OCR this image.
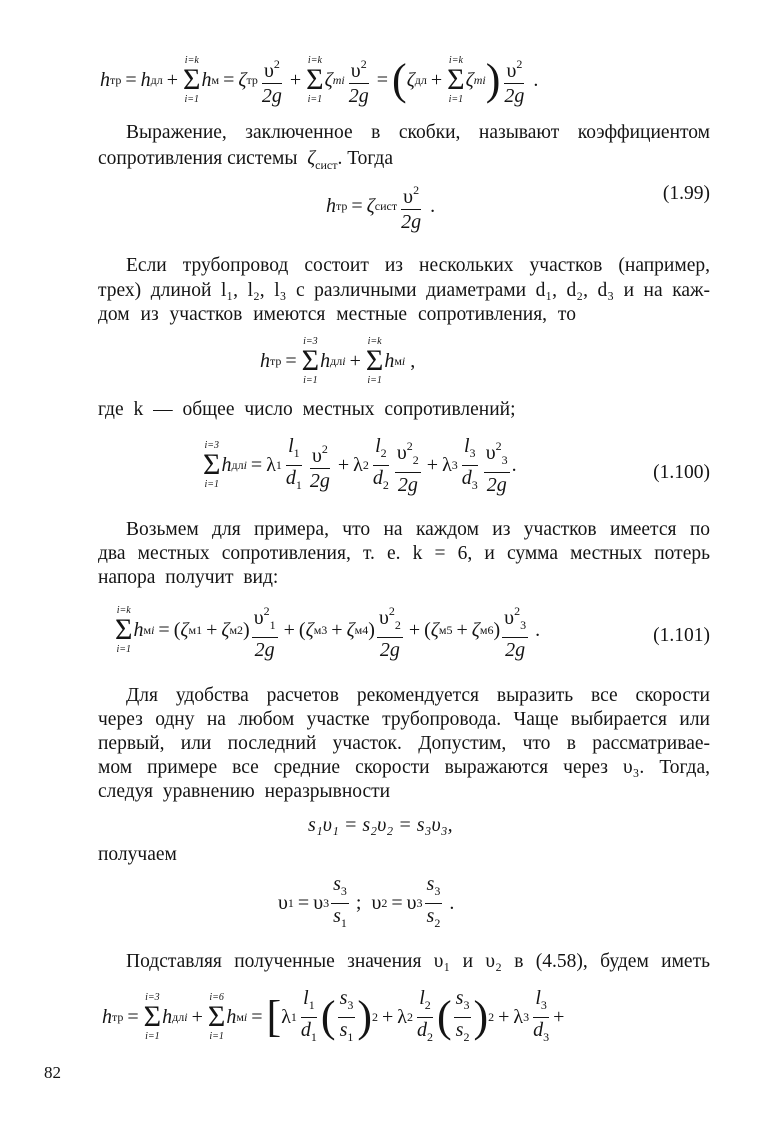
h тр = h дл +
i=k
Σ
i=1
h м = ζ тр $\frac{\upsilon^2}{2g}$ +
i=k
Σ
i=1
ζ mi $\frac{\upsilon^2}{2g}$ = ( ζ дл +
i=k
Σ
i=1
ζ mi ) $\frac{\upsilon^2}{2g}$ .
Выражение, заключенное в скобки, называют коэффициентом
сопротивления системы $\zeta_{сист}$. Тогда
h тр = ζ сист $\frac{\upsilon^2}{2g}$ .
(1.99)
Если трубопровод состоит из нескольких участков (например,
трех) длиной l₁, l₂, l₃ с различными диаметрами d₁, d₂, d₃ и на каж-
дом из участков имеются местные сопротивления, то
h тр =
i=3
Σ
i=1
h длi +
i=k
Σ
i=1
h мi ,
где k — общее число местных сопротивлений;
i=3
Σ
i=1
h длi = λ $1 \frac{l_1}{d_1} \frac{\upsilon^2}{2g} + \lambda$ $2 \frac{l_2}{d_2} \frac{\upsilon^2_2}{2g} + \lambda$ $3 \frac{l_3}{d_3} \frac{\upsilon^2_3}{2g}$ .	(1.100)
Возьмем для примера, что на каждом из участков имеется по
два местных сопротивления, т. е. k = 6, и сумма местных потерь
напора получит вид:
i=k
Σ
i=1
h мi = ( ζ м1 + ζ м2 ) $\frac{\upsilon^2_1}{2g}$ + ( ζ м3 + ζ м4 ) $\frac{\upsilon^2_2}{2g}$ + ( ζ м5 + ζ м6 ) $\frac{\upsilon^2_3}{2g}$ .	(1.101)
Для удобства расчетов рекомендуется выразить все скорости
через одну на любом участке трубопровода. Чаще выбирается или
первый, или последний участок. Допустим, что в рассматривае-
мом примере все средние скорости выражаются через υ₃. Тогда,
следуя уравнению неразрывности
s₁υ₁ = s₂υ₂ = s₃υ₃,
получаем
υ 1 = υ $3 \frac{s_3}{s_1}$ ; υ 2 = υ $3 \frac{s_3}{s_2}$ .
Подставляя полученные значения υ₁ и υ₂ в (4.58), будем иметь
h тр =
i=3
Σ
i=1
h длi +
i=6
Σ
i=1
h мi = [ λ $1 \frac{l_1}{d_1}$ ( $\frac{s_3}{s_1}$ ) 2 + λ $2 \frac{l_2}{d_2}$ ( $\frac{s_3}{s_2}$ ) 2 + λ $3 \frac{l_3}{d_3}$ +
82
